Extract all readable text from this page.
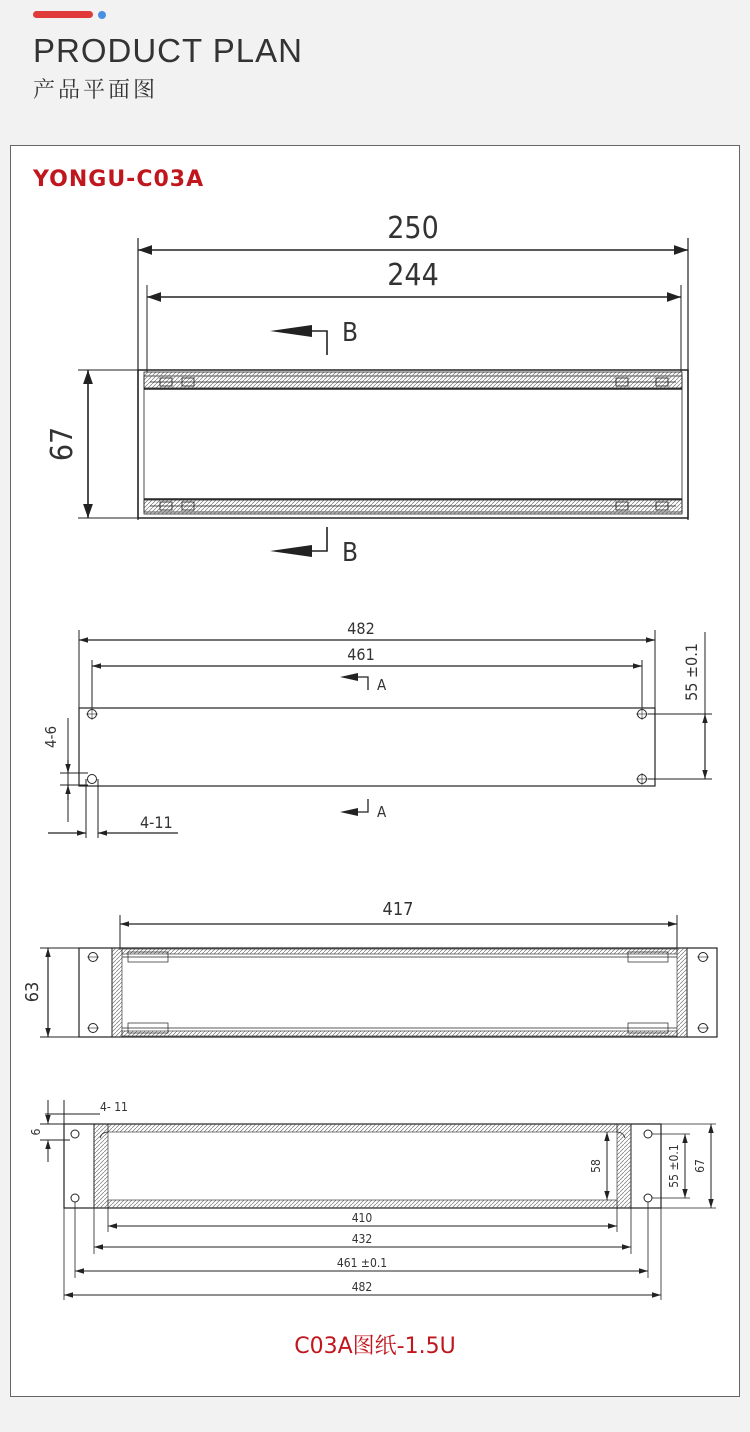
PRODUCT PLAN
产品平面图
YONGU-C03A
250
244
67
B
B
482
461	55 ±0.1
4-6
4-11
A
A
417
63
4- 11
6
58	55 ±0.1 67
410
432
461 ±0.1
482
C03A图纸-1.5U
